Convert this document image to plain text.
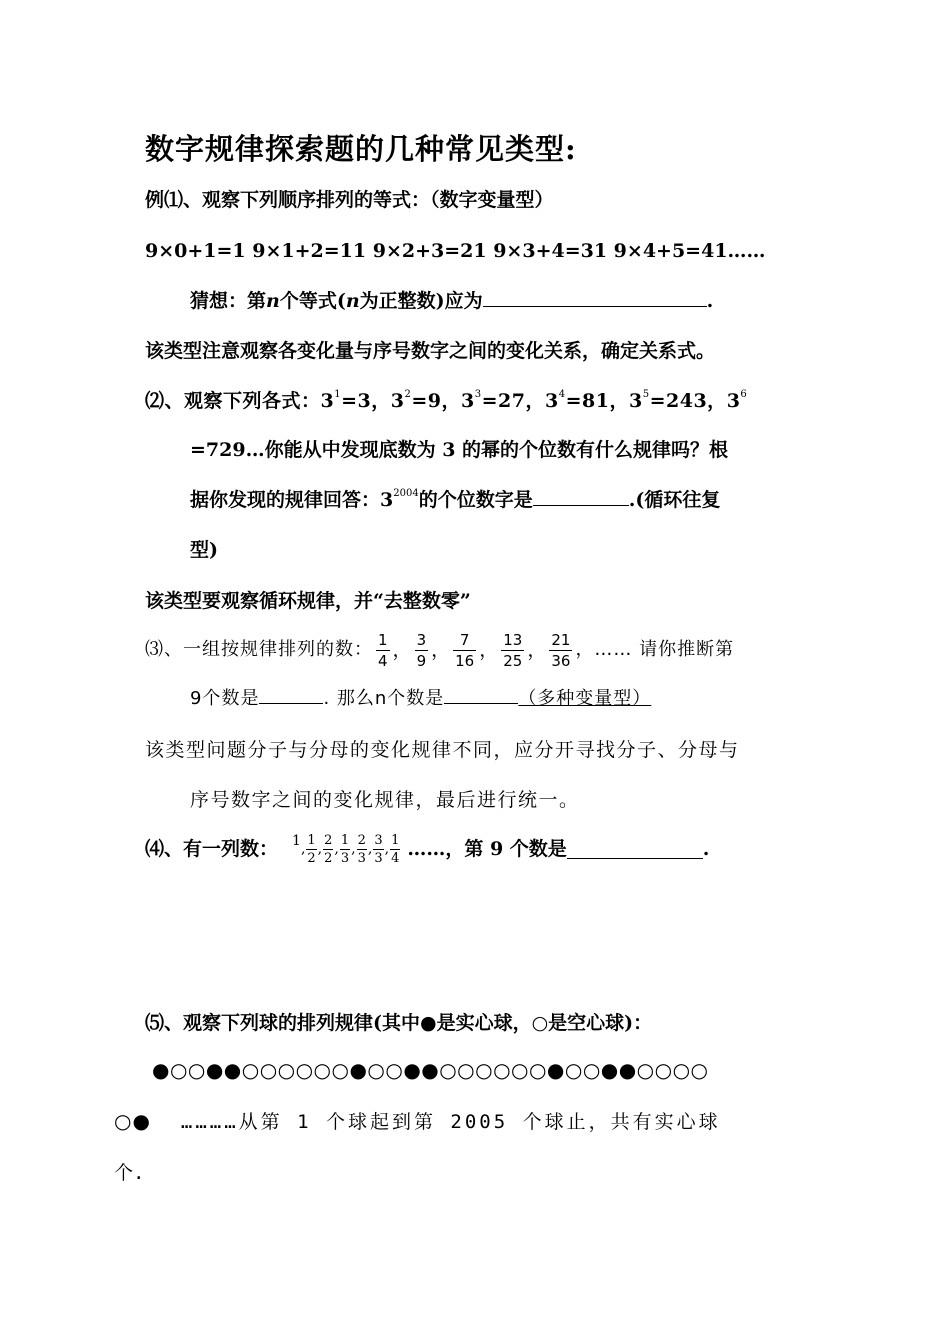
数字规律探索题的几种常见类型:
例⑴、观察下列顺序排列的等式：（数字变量型）
9×0+1=1 9×1+2=11 9×2+3=21 9×3+4=31 9×4+5=41……
猜想：第n个等式(n为正整数)应为	.
该类型注意观察各变化量与序号数字之间的变化关系，确定关系式。
⑵、观察下列各式：$3^1=3$，$3^2=9$，$3^3=27$，$3^4=81$，$3^5=243$，$3^6$
=729…你能从中发现底数为 3 的幂的个位数有什么规律吗？根
据你发现的规律回答：$3^{2004}$的个位数字是	.(循环往复
型)
该类型要观察循环规律，并“去整数零”
⑶、一组按规律排列的数： $\frac{1}{4}$ ， $\frac{3}{9}$ ， $\frac{7}{16}$ ， $\frac{13}{25}$ ， $\frac{21}{36}$ ，…… 请你推断第
9个数是	. 那么n个数是	（多种变量型）
该类型问题分子与分母的变化规律不同，应分开寻找分子、分母与
序号数字之间的变化规律，最后进行统一。
⑷、有一列数： 1 ,
1
2
,
2
2
,
1
3
,
2
3
,
3
3
,
1
4 ……，第 9 个数是	.
⑸、观察下列球的排列规律(其中●是实心球，○是空心球)：
●○○●●○○○○○○●○○●●○○○○○○●○○●●○○○○
○● …………从第 1 个球起到第 2005 个球止，共有实心球
个.
